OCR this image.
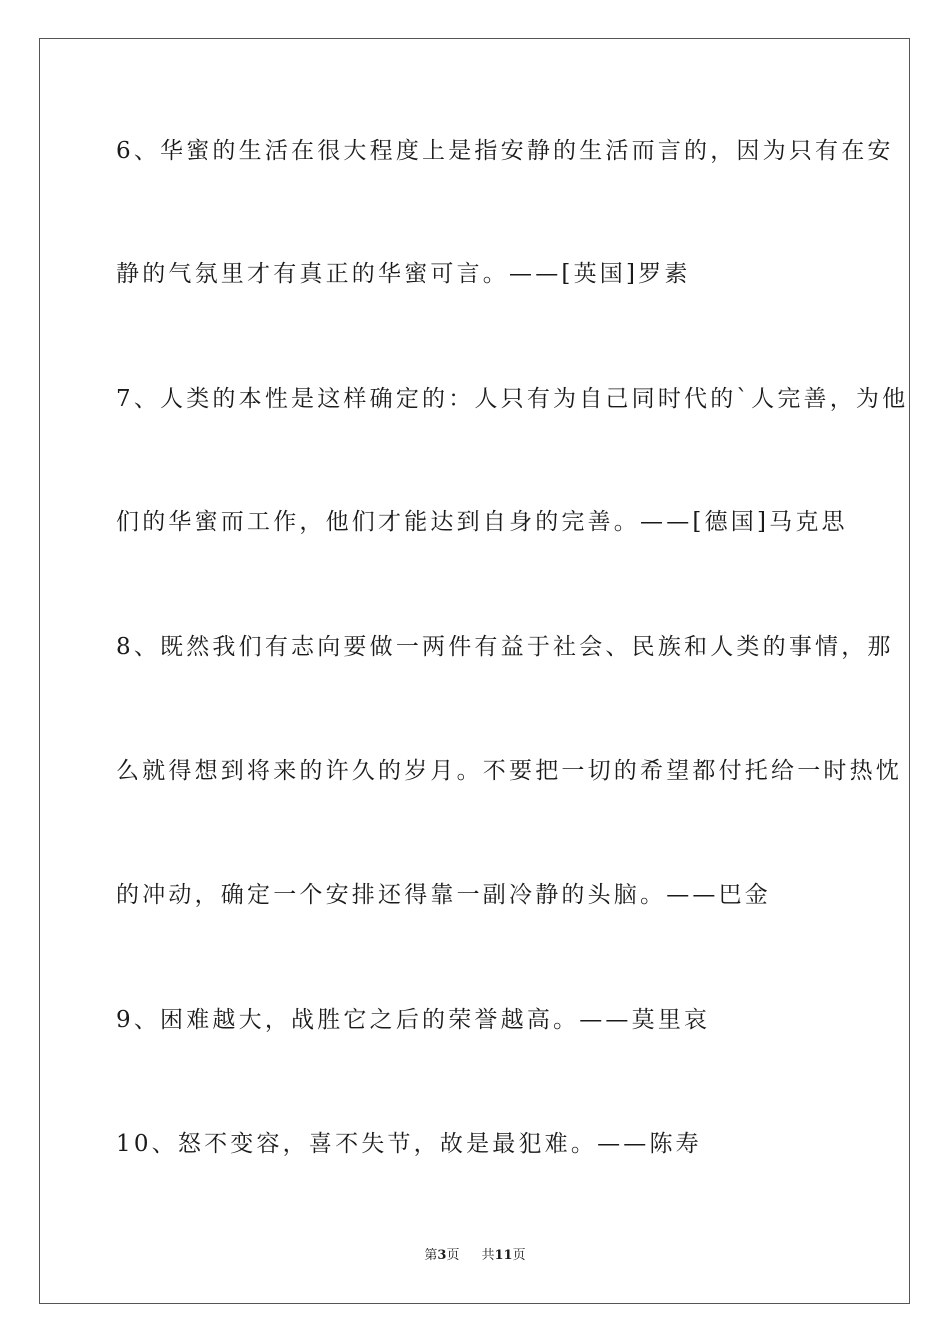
6、华蜜的生活在很大程度上是指安静的生活而言的，因为只有在安
静的气氛里才有真正的华蜜可言。——[英国]罗素
7、人类的本性是这样确定的：人只有为自己同时代的`人完善，为他
们的华蜜而工作，他们才能达到自身的完善。——[德国]马克思
8、既然我们有志向要做一两件有益于社会、民族和人类的事情，那
么就得想到将来的许久的岁月。不要把一切的希望都付托给一时热忱
的冲动，确定一个安排还得靠一副冷静的头脑。——巴金
9、困难越大，战胜它之后的荣誉越高。——莫里哀
10、怒不变容，喜不失节，故是最犯难。——陈寿
第3页 共11页
